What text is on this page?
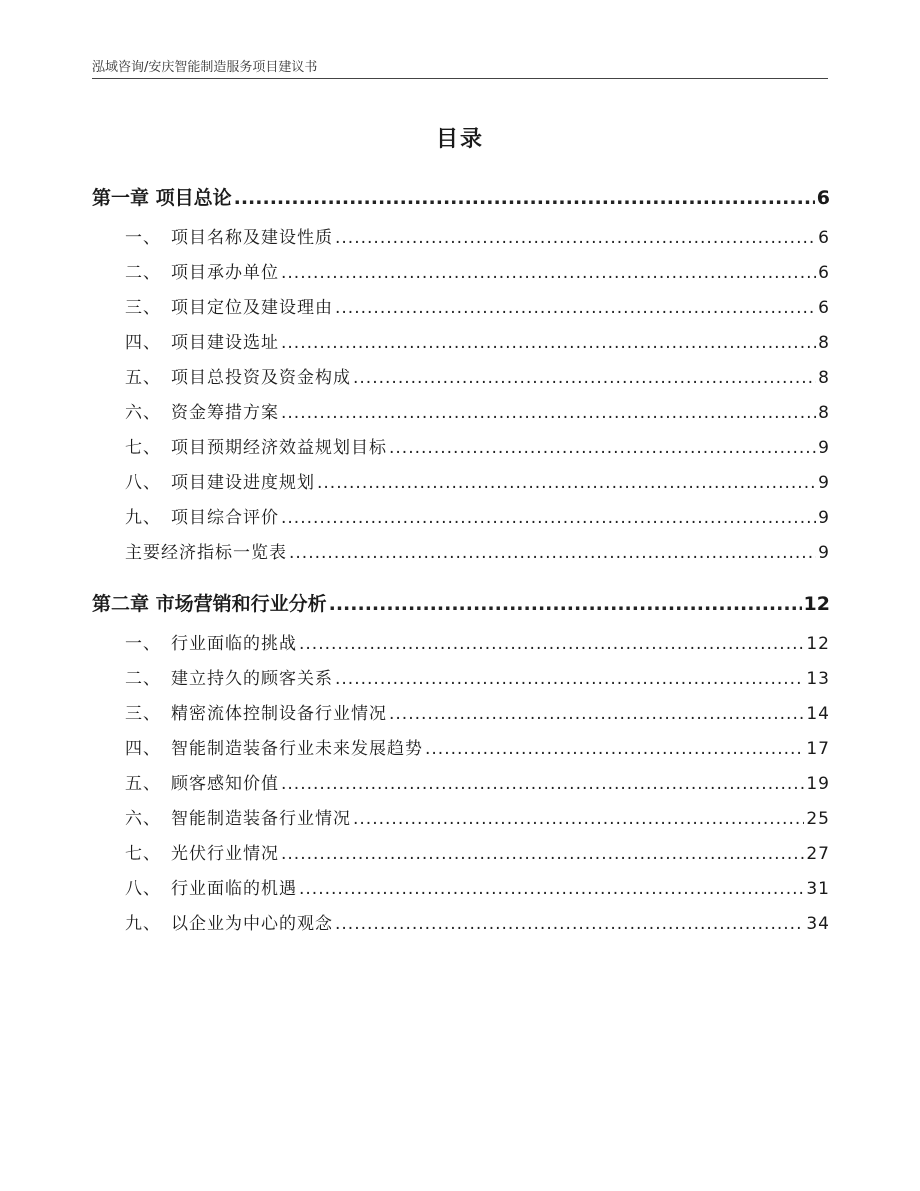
泓域咨询/安庆智能制造服务项目建议书
目录
第一章 项目总论 .....	6
一、 项目名称及建设性质 .....	6
二、 项目承办单位 .....	6
三、 项目定位及建设理由 .....	6
四、 项目建设选址 .....	8
五、 项目总投资及资金构成 .....	8
六、 资金筹措方案 .....	8
七、 项目预期经济效益规划目标 .....	9
八、 项目建设进度规划 .....	9
九、 项目综合评价 .....	9
主要经济指标一览表 .....	9
第二章 市场营销和行业分析 .....	12
一、 行业面临的挑战 .....	12
二、 建立持久的顾客关系 .....	13
三、 精密流体控制设备行业情况 .....	14
四、 智能制造装备行业未来发展趋势 .....	17
五、 顾客感知价值 .....	19
六、 智能制造装备行业情况 .....	25
七、 光伏行业情况 .....	27
八、 行业面临的机遇 .....	31
九、 以企业为中心的观念 .....	34
